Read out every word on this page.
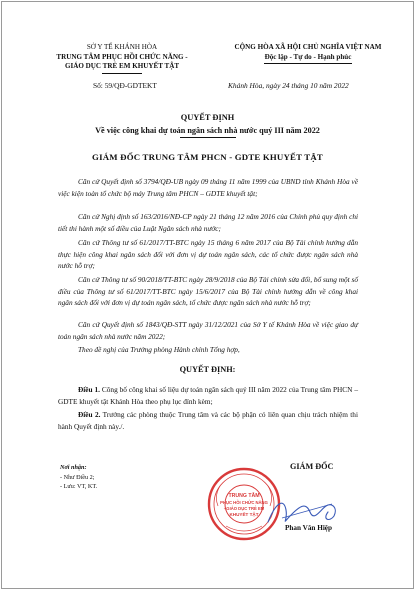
SỞ Y TẾ KHÁNH HÒA
TRUNG TÂM PHỤC HỒI CHỨC NĂNG -
GIÁO DỤC TRẺ EM KHUYẾT TẬT
CỘNG HÒA XÃ HỘI CHỦ NGHĨA VIỆT NAM
Độc lập - Tự do - Hạnh phúc
Số: 59/QĐ-GDTEKT	Khánh Hòa, ngày 24 tháng 10 năm 2022
QUYẾT ĐỊNH
Về việc công khai dự toán ngân sách nhà nước quý III năm 2022
GIÁM ĐỐC TRUNG TÂM PHCN - GDTE KHUYẾT TẬT
Căn cứ Quyết định số 3794/QĐ-UB ngày 09 tháng 11 năm 1999 của UBND tỉnh Khánh Hòa về việc kiện toàn tổ chức bộ máy Trung tâm PHCN – GDTE khuyết tật;
Căn cứ Nghị định số 163/2016/NĐ-CP ngày 21 tháng 12 năm 2016 của Chính phủ quy định chi tiết thi hành một số điều của Luật Ngân sách nhà nước;
Căn cứ Thông tư số 61/2017/TT-BTC ngày 15 tháng 6 năm 2017 của Bộ Tài chính hướng dẫn thực hiện công khai ngân sách đối với đơn vị dự toán ngân sách, các tổ chức được ngân sách nhà nước hỗ trợ;
Căn cứ Thông tư số 90/2018/TT-BTC ngày 28/9/2018 của Bộ Tài chính sửa đổi, bổ sung một số điều của Thông tư số 61/2017/TT-BTC ngày 15/6/2017 của Bộ Tài chính hướng dẫn về công khai ngân sách đối với đơn vị dự toán ngân sách, tổ chức được ngân sách nhà nước hỗ trợ;
Căn cứ Quyết định số 1843/QĐ-STT ngày 31/12/2021 của Sở Y tế Khánh Hòa về việc giao dự toán ngân sách nhà nước năm 2022;
Theo đề nghị của Trưởng phòng Hành chính Tổng hợp,
QUYẾT ĐỊNH:
Điều 1. Công bố công khai số liệu dự toán ngân sách quý III năm 2022 của Trung tâm PHCN – GDTE khuyết tật Khánh Hòa theo phụ lục đính kèm;
Điều 2. Trưởng các phòng thuộc Trung tâm và các bộ phận có liên quan chịu trách nhiệm thi hành Quyết định này./.
Nơi nhận:
- Như Điều 2;
- Lưu: VT, KT.
GIÁM ĐỐC
TRUNG TÂM
PHỤC HỒI CHỨC NĂNG
- GIÁO DỤC TRẺ EM
KHUYẾT TẬT
Phan Văn Hiệp
